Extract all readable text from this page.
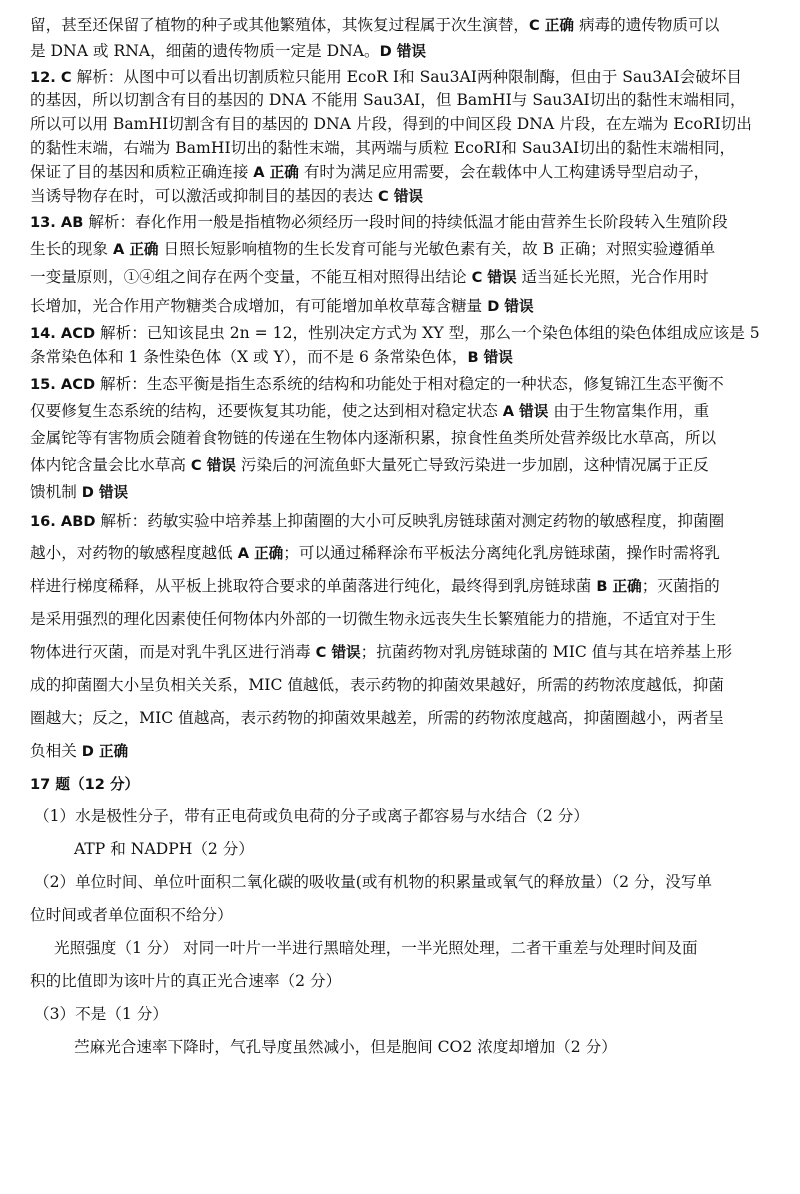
留，甚至还保留了植物的种子或其他繁殖体，其恢复过程属于次生演替，C 正确 病毒的遗传物质可以
是 DNA 或 RNA，细菌的遗传物质一定是 DNA。D 错误
12. C 解析：从图中可以看出切割质粒只能用 EcoR Ⅰ和 Sau3AⅠ两种限制酶，但由于 Sau3AⅠ会破坏目
的基因，所以切割含有目的基因的 DNA 不能用 Sau3AⅠ，但 BamHⅠ与 Sau3AⅠ切出的黏性末端相同，
所以可以用 BamHⅠ切割含有目的基因的 DNA 片段，得到的中间区段 DNA 片段，在左端为 EcoRⅠ切出
的黏性末端，右端为 BamHⅠ切出的黏性末端，其两端与质粒 EcoRⅠ和 Sau3AⅠ切出的黏性末端相同，
保证了目的基因和质粒正确连接 A 正确 有时为满足应用需要，会在载体中人工构建诱导型启动子，
当诱导物存在时，可以激活或抑制目的基因的表达 C 错误
13. AB 解析：春化作用一般是指植物必须经历一段时间的持续低温才能由营养生长阶段转入生殖阶段
生长的现象 A 正确 日照长短影响植物的生长发育可能与光敏色素有关，故 B 正确；对照实验遵循单
一变量原则，①④组之间存在两个变量，不能互相对照得出结论 C 错误 适当延长光照，光合作用时
长增加，光合作用产物糖类合成增加，有可能增加单枚草莓含糖量 D 错误
14. ACD 解析：已知该昆虫 2n = 12，性别决定方式为 XY 型，那么一个染色体组的染色体组成应该是 5
条常染色体和 1 条性染色体（X 或 Y），而不是 6 条常染色体，B 错误
15. ACD 解析：生态平衡是指生态系统的结构和功能处于相对稳定的一种状态，修复锦江生态平衡不
仅要修复生态系统的结构，还要恢复其功能，使之达到相对稳定状态 A 错误 由于生物富集作用，重
金属铊等有害物质会随着食物链的传递在生物体内逐渐积累，掠食性鱼类所处营养级比水草高，所以
体内铊含量会比水草高 C 错误 污染后的河流鱼虾大量死亡导致污染进一步加剧，这种情况属于正反
馈机制 D 错误
16. ABD 解析：药敏实验中培养基上抑菌圈的大小可反映乳房链球菌对测定药物的敏感程度，抑菌圈
越小，对药物的敏感程度越低 A 正确；可以通过稀释涂布平板法分离纯化乳房链球菌，操作时需将乳
样进行梯度稀释，从平板上挑取符合要求的单菌落进行纯化，最终得到乳房链球菌 B 正确；灭菌指的
是采用强烈的理化因素使任何物体内外部的一切微生物永远丧失生长繁殖能力的措施，不适宜对于生
物体进行灭菌，而是对乳牛乳区进行消毒 C 错误；抗菌药物对乳房链球菌的 MIC 值与其在培养基上形
成的抑菌圈大小呈负相关关系，MIC 值越低，表示药物的抑菌效果越好，所需的药物浓度越低，抑菌
圈越大；反之，MIC 值越高，表示药物的抑菌效果越差，所需的药物浓度越高，抑菌圈越小，两者呈
负相关 D 正确
17 题（12 分）
（1）水是极性分子，带有正电荷或负电荷的分子或离子都容易与水结合（2 分）
ATP 和 NADPH（2 分）
（2）单位时间、单位叶面积二氧化碳的吸收量(或有机物的积累量或氧气的释放量）（2 分，没写单
位时间或者单位面积不给分）
光照强度（1 分） 对同一叶片一半进行黑暗处理，一半光照处理，二者干重差与处理时间及面
积的比值即为该叶片的真正光合速率（2 分）
（3）不是（1 分）
苎麻光合速率下降时，气孔导度虽然减小，但是胞间 CO2 浓度却增加（2 分）
